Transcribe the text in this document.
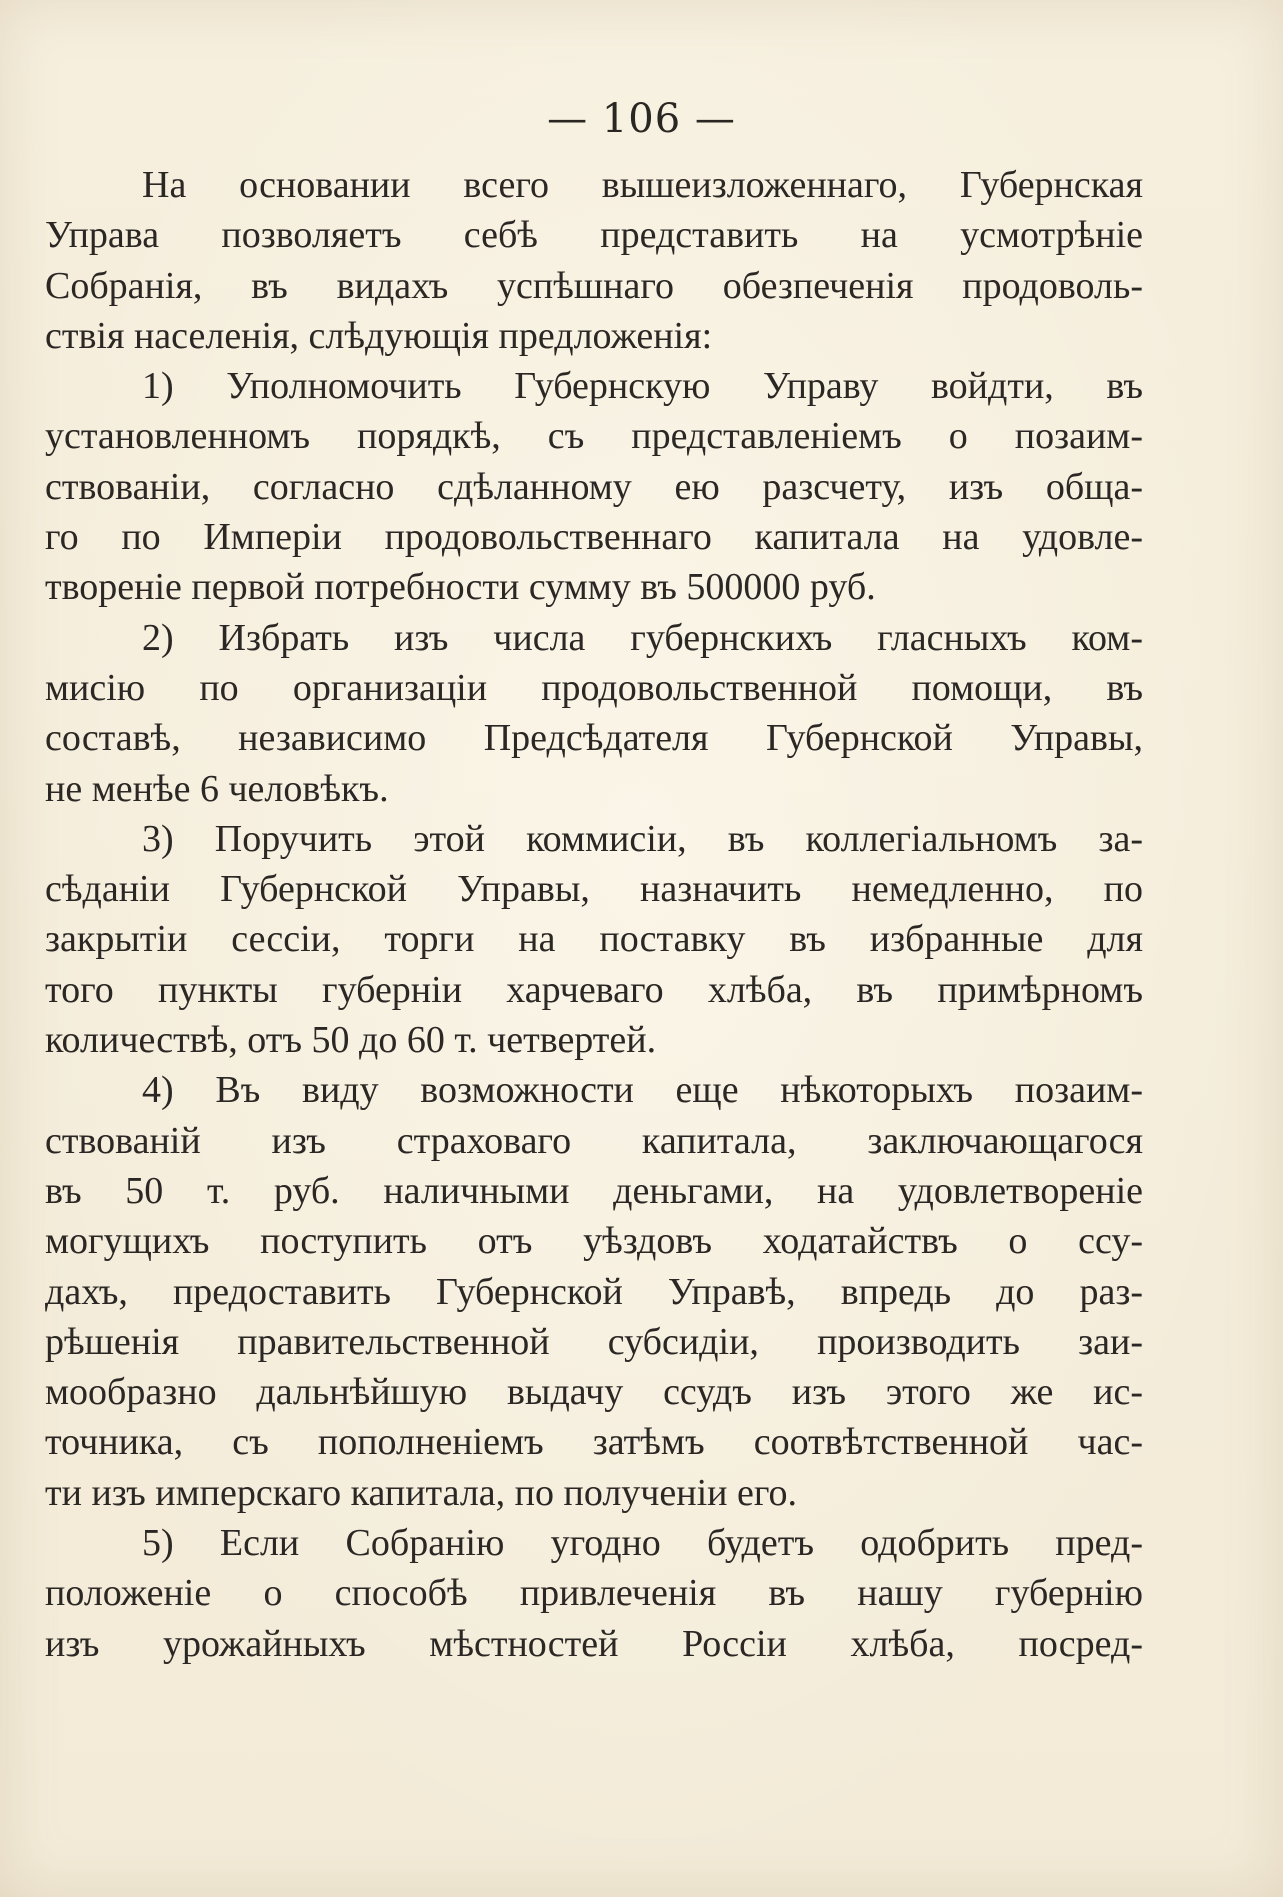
— 106 —
На основании всего вышеизложеннаго, Губернская
Управа позволяетъ себѣ представить на усмотрѣніе
Собранія, въ видахъ успѣшнаго обезпеченія продоволь-
ствія населенія, слѣдующія предложенія:
1) Уполномочить Губернскую Управу войдти, въ
установленномъ порядкѣ, съ представленіемъ о позаим-
ствованіи, согласно сдѣланному ею разсчету, изъ обща-
го по Имперіи продовольственнаго капитала на удовле-
твореніе первой потребности сумму въ 500000 руб.
2) Избрать изъ числа губернскихъ гласныхъ ком-
мисію по организаціи продовольственной помощи, въ
составѣ, независимо Предсѣдателя Губернской Управы,
не менѣе 6 человѣкъ.
3) Поручить этой коммисіи, въ коллегіальномъ за-
сѣданіи Губернской Управы, назначить немедленно, по
закрытіи сессіи, торги на поставку въ избранные для
того пункты губерніи харчеваго хлѣба, въ примѣрномъ
количествѣ, отъ 50 до 60 т. четвертей.
4) Въ виду возможности еще нѣкоторыхъ позаим-
ствованій изъ страховаго капитала, заключающагося
въ 50 т. руб. наличными деньгами, на удовлетвореніе
могущихъ поступить отъ уѣздовъ ходатайствъ о ссу-
дахъ, предоставить Губернской Управѣ, впредь до раз-
рѣшенія правительственной субсидіи, производить заи-
мообразно дальнѣйшую выдачу ссудъ изъ этого же ис-
точника, съ пополненіемъ затѣмъ соотвѣтственной час-
ти изъ имперскаго капитала, по полученіи его.
5) Если Собранію угодно будетъ одобрить пред-
положеніе о способѣ привлеченія въ нашу губернію
изъ урожайныхъ мѣстностей Россіи хлѣба, посред-
